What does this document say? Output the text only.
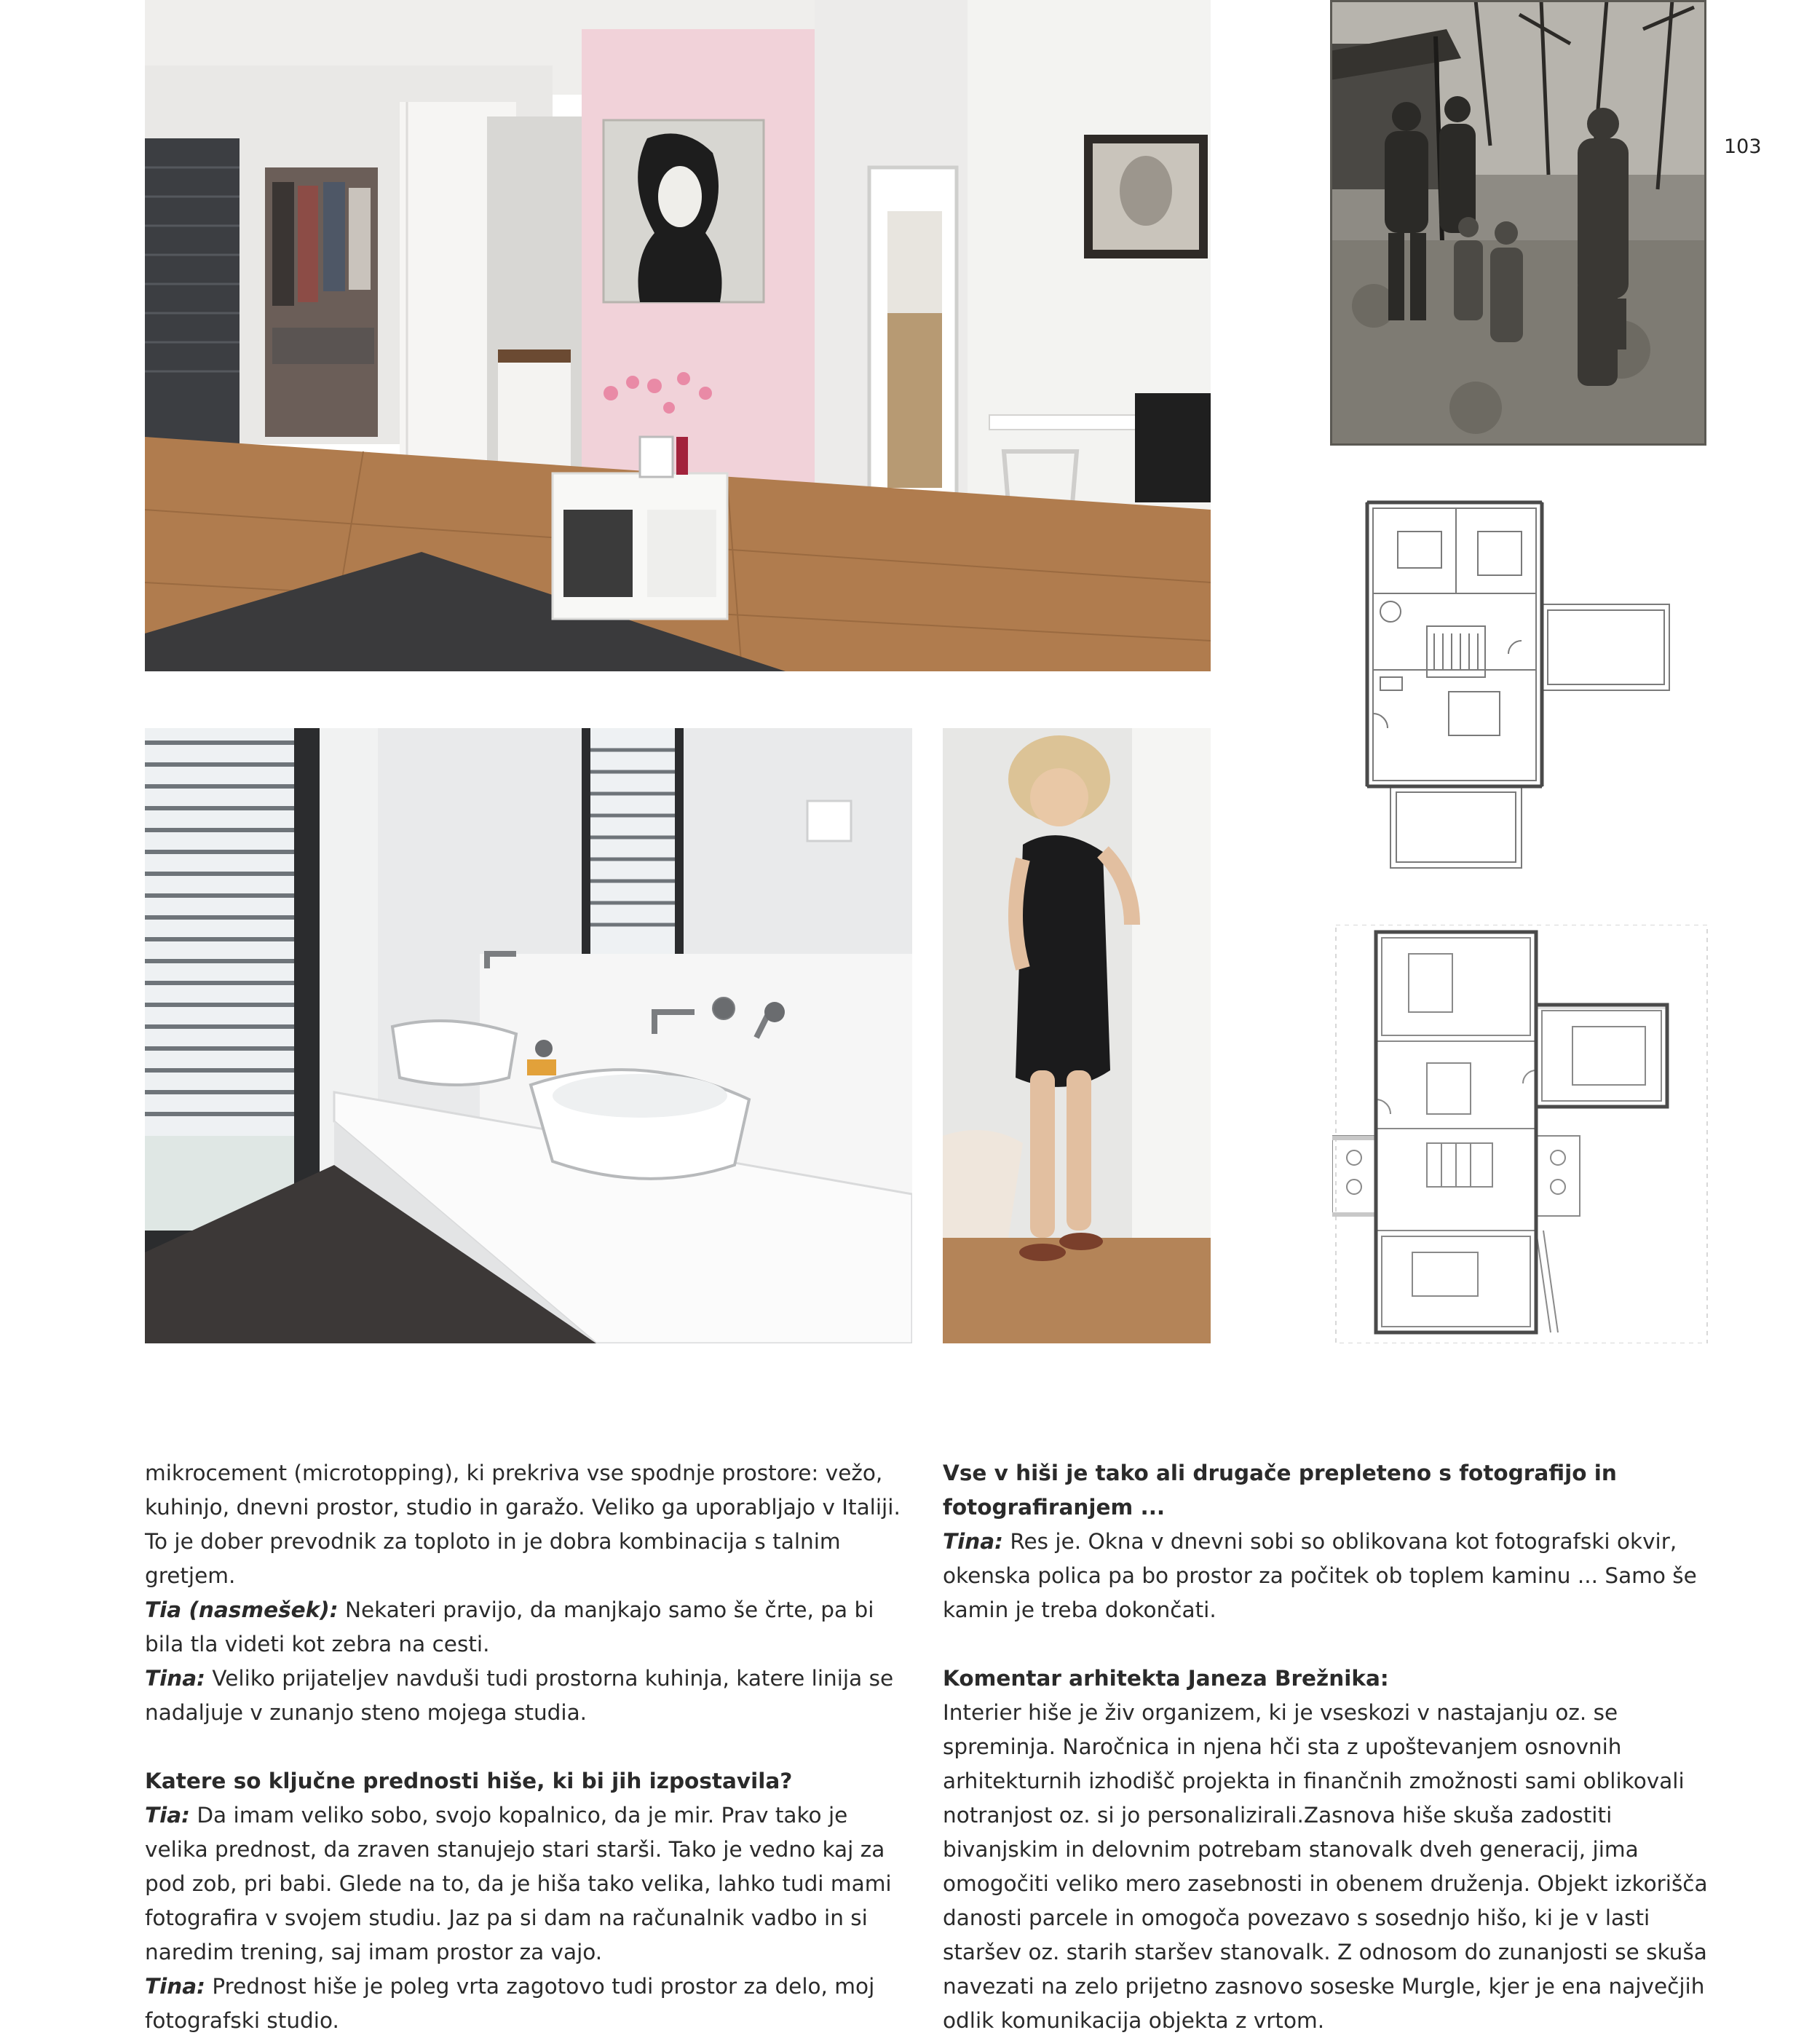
103

mikrocement (microtopping), ki prekriva vse spodnje prostore: vežo, kuhinjo, dnevni prostor, studio in garažo. Veliko ga uporabljajo v Italiji. To je dober prevodnik za toploto in je dobra kombinacija s talnim gretjem.

Tia (nasmešek): Nekateri pravijo, da manjkajo samo še črte, pa bi bila tla videti kot zebra na cesti.

Tina: Veliko prijateljev navduši tudi prostorna kuhinja, katere linija se nadaljuje v zunanjo steno mojega studia.

Katere so ključne prednosti hiše, ki bi jih izpostavila?

Tia: Da imam veliko sobo, svojo kopalnico, da je mir. Prav tako je velika prednost, da zraven stanujejo stari starši. Tako je vedno kaj za pod zob, pri babi. Glede na to, da je hiša tako velika, lahko tudi mami fotografira v svojem studiu. Jaz pa si dam na računalnik vadbo in si naredim trening, saj imam prostor za vajo.

Tina: Prednost hiše je poleg vrta zagotovo tudi prostor za delo, moj fotografski studio.

Vse v hiši je tako ali drugače prepleteno s fotografijo in fotografiranjem ...

Tina: Res je. Okna v dnevni sobi so oblikovana kot fotografski okvir, okenska polica pa bo prostor za počitek ob toplem kaminu ... Samo še kamin je treba dokončati.

Komentar arhitekta Janeza Brežnika:

Interier hiše je živ organizem, ki je vseskozi v nastajanju oz. se spreminja. Naročnica in njena hči sta z upoštevanjem osnovnih arhitekturnih izhodišč projekta in finančnih zmožnosti sami oblikovali notranjost oz. si jo personalizirali.Zasnova hiše skuša zadostiti bivanjskim in delovnim potrebam stanovalk dveh generacij, jima omogočiti veliko mero zasebnosti in obenem druženja. Objekt izkorišča danosti parcele in omogoča povezavo s sosednjo hišo, ki je v lasti staršev oz. starih staršev stanovalk. Z odnosom do zunanjosti se skuša navezati na zelo prijetno zasnovo soseske Murgle, kjer je ena največjih odlik komunikacija objekta z vrtom.
